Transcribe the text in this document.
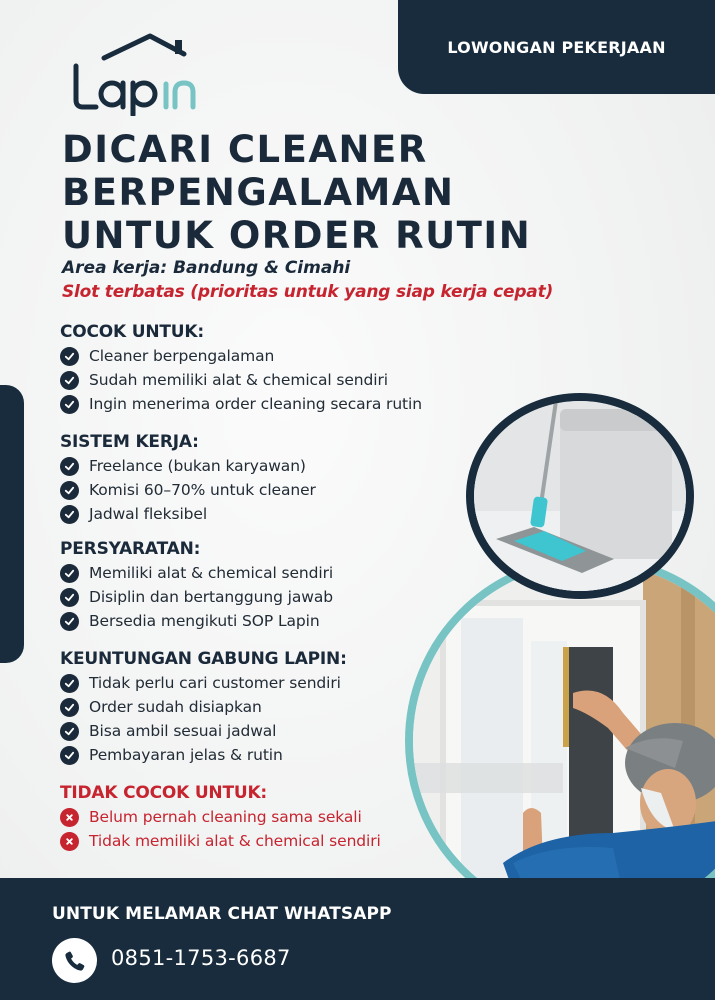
LOWONGAN PEKERJAAN
DICARI CLEANER
BERPENGALAMAN
UNTUK ORDER RUTIN
Area kerja: Bandung & Cimahi
Slot terbatas (prioritas untuk yang siap kerja cepat)
COCOK UNTUK:
Cleaner berpengalaman
Sudah memiliki alat & chemical sendiri
Ingin menerima order cleaning secara rutin
SISTEM KERJA:
Freelance (bukan karyawan)
Komisi 60–70% untuk cleaner
Jadwal fleksibel
PERSYARATAN:
Memiliki alat & chemical sendiri
Disiplin dan bertanggung jawab
Bersedia mengikuti SOP Lapin
KEUNTUNGAN GABUNG LAPIN:
Tidak perlu cari customer sendiri
Order sudah disiapkan
Bisa ambil sesuai jadwal
Pembayaran jelas & rutin
TIDAK COCOK UNTUK:
Belum pernah cleaning sama sekali
Tidak memiliki alat & chemical sendiri
UNTUK MELAMAR CHAT WHATSAPP
0851-1753-6687
